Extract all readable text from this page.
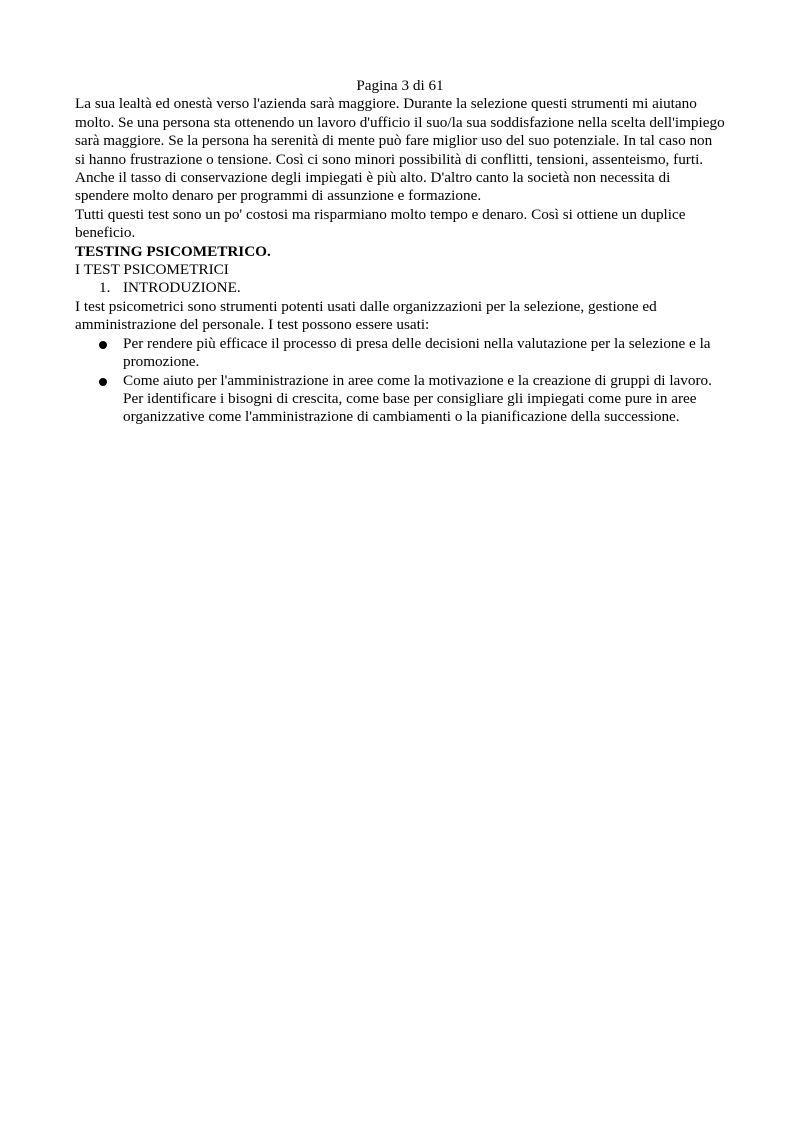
Pagina 3 di 61

La sua lealtà ed onestà verso l'azienda sarà maggiore. Durante la selezione questi strumenti mi aiutano molto. Se una persona sta ottenendo un lavoro d'ufficio il suo/la sua soddisfazione nella scelta dell'impiego sarà maggiore. Se la persona ha serenità di mente può fare miglior uso del suo potenziale. In tal caso non si hanno frustrazione o tensione. Così ci sono minori possibilità di conflitti, tensioni, assenteismo, furti. Anche il tasso di conservazione degli impiegati è più alto. D'altro canto la società non necessita di spendere molto denaro per programmi di assunzione e formazione.

Tutti questi test sono un po' costosi ma risparmiano molto tempo e denaro. Così si ottiene un duplice beneficio.

TESTING PSICOMETRICO.

I TEST PSICOMETRICI

1. INTRODUZIONE.

I test psicometrici sono strumenti potenti usati dalle organizzazioni per la selezione, gestione ed amministrazione del personale. I test possono essere usati:

Per rendere più efficace il processo di presa delle decisioni nella valutazione per la selezione e la promozione.
Come aiuto per l'amministrazione in aree come la motivazione e la creazione di gruppi di lavoro. Per identificare i bisogni di crescita, come base per consigliare gli impiegati come pure in aree organizzative come l'amministrazione di cambiamenti o la pianificazione della successione.
